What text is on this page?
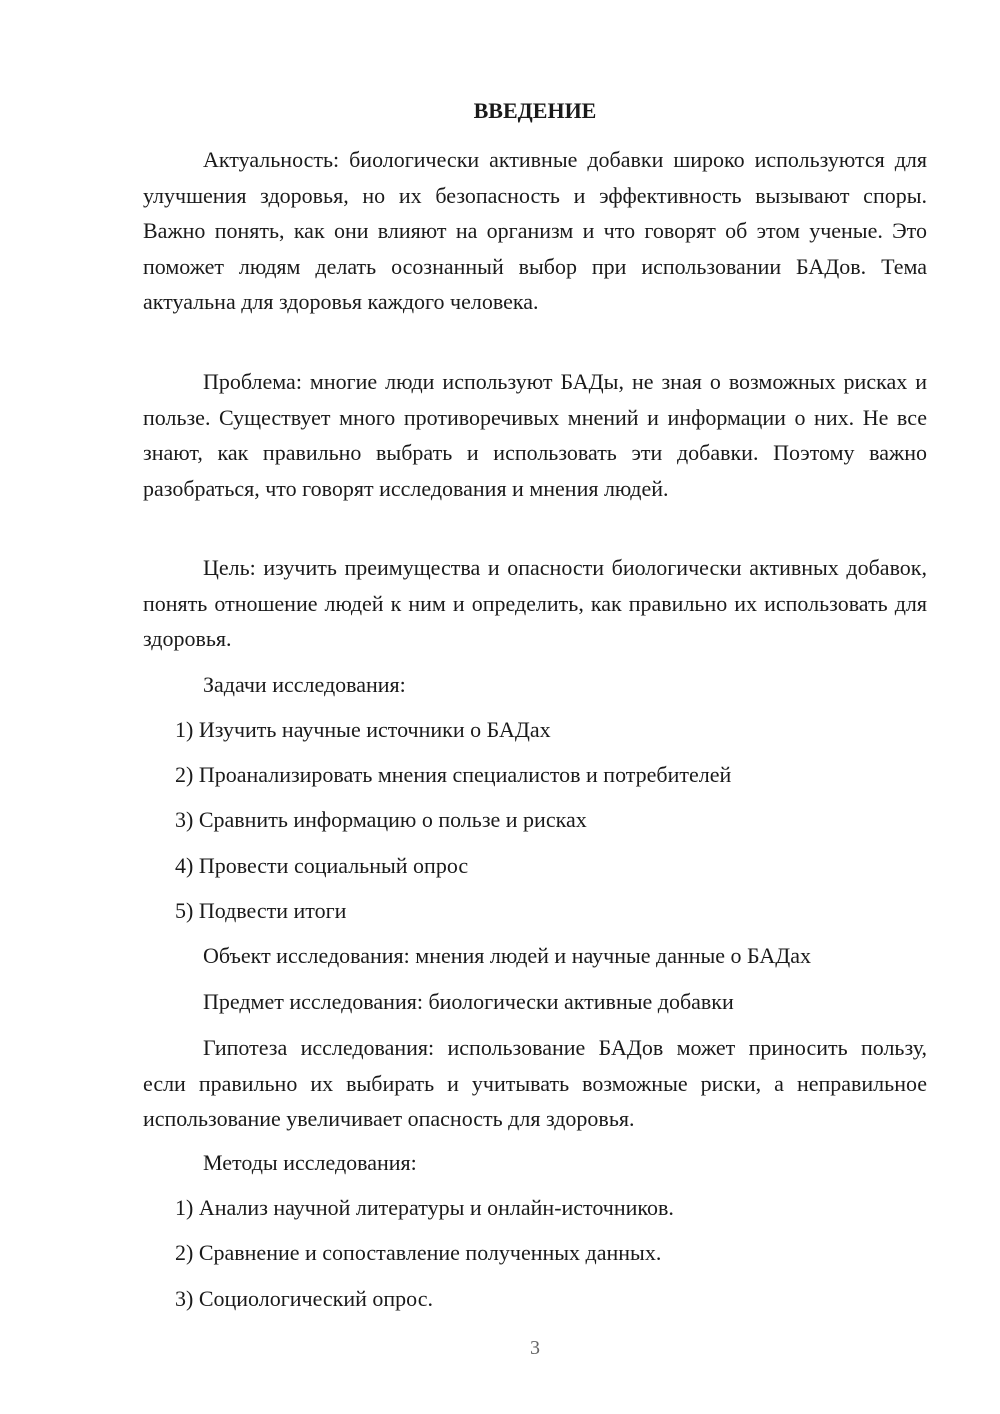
ВВЕДЕНИЕ

Актуальность: биологически активные добавки широко используются для улучшения здоровья, но их безопасность и эффективность вызывают споры. Важно понять, как они влияют на организм и что говорят об этом ученые. Это поможет людям делать осознанный выбор при использовании БАДов. Тема актуальна для здоровья каждого человека.

Проблема: многие люди используют БАДы, не зная о возможных рисках и пользе. Существует много противоречивых мнений и информации о них. Не все знают, как правильно выбрать и использовать эти добавки. Поэтому важно разобраться, что говорят исследования и мнения людей.

Цель: изучить преимущества и опасности биологически активных добавок, понять отношение людей к ним и определить, как правильно их использовать для здоровья.

Задачи исследования:

1) Изучить научные источники о БАДах

2) Проанализировать мнения специалистов и потребителей

3) Сравнить информацию о пользе и рисках

4) Провести социальный опрос

5) Подвести итоги

Объект исследования: мнения людей и научные данные о БАДах

Предмет исследования: биологически активные добавки

Гипотеза исследования: использование БАДов может приносить пользу, если правильно их выбирать и учитывать возможные риски, а неправильное использование увеличивает опасность для здоровья.

Методы исследования:

1) Анализ научной литературы и онлайн-источников.

2) Сравнение и сопоставление полученных данных.

3) Социологический опрос.

3
